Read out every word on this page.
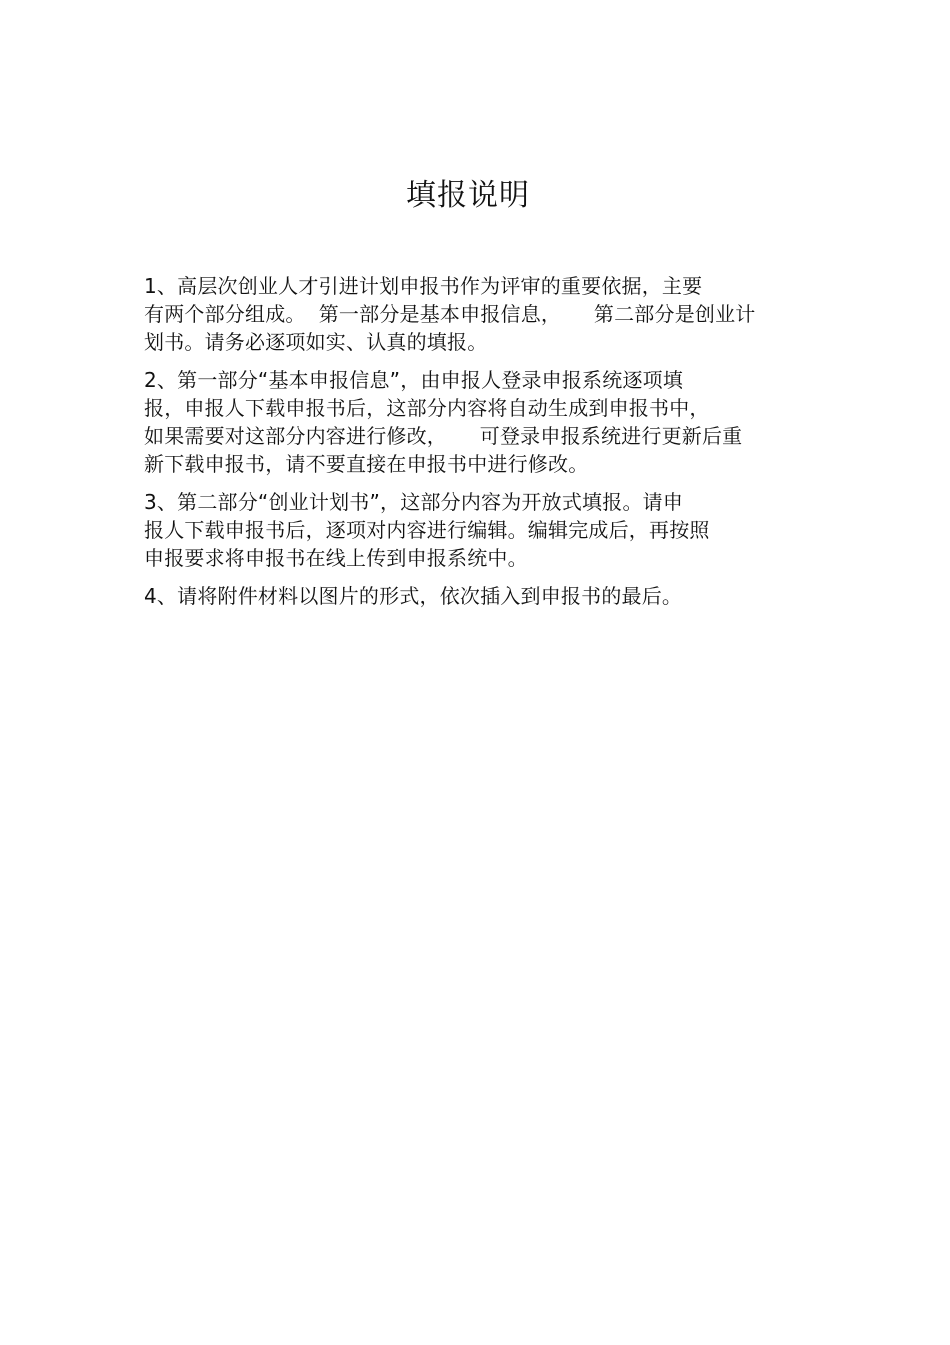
填报说明
1、高层次创业人才引进计划申报书作为评审的重要依据，主要
有两个部分组成。  第一部分是基本申报信息，     第二部分是创业计
划书。请务必逐项如实、认真的填报。
2、第一部分“基本申报信息”，由申报人登录申报系统逐项填
报，申报人下载申报书后，这部分内容将自动生成到申报书中，
如果需要对这部分内容进行修改，     可登录申报系统进行更新后重
新下载申报书，请不要直接在申报书中进行修改。
3、第二部分“创业计划书”，这部分内容为开放式填报。请申
报人下载申报书后，逐项对内容进行编辑。编辑完成后，再按照
申报要求将申报书在线上传到申报系统中。
4、请将附件材料以图片的形式，依次插入到申报书的最后。
